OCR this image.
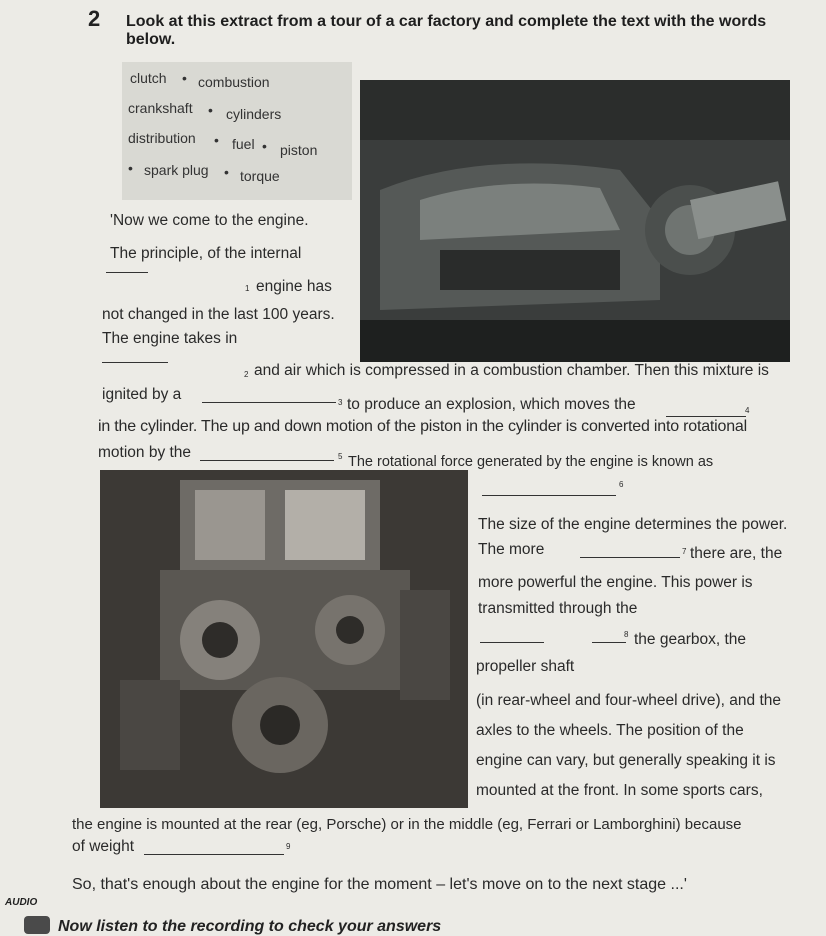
2 Look at this extract from a tour of a car factory and complete the text with the words below.
clutch • combustion
crankshaft • cylinders
distribution • fuel • piston
• spark plug • torque
'Now we come to the engine.
The principle, of the internal
1 engine has
not changed in the last 100 years.
The engine takes in
2 and air which is compressed in a combustion chamber. Then this mixture is
ignited by a	3 to produce an explosion, which moves the	4
in the cylinder. The up and down motion of the piston in the cylinder is converted into rotational
motion by the	5 The rotational force generated by the engine is known as
6
The size of the engine determines the power.
The more	7 there are, the
more powerful the engine. This power is
transmitted through the
8 the gearbox, the
propeller shaft
(in rear-wheel and four-wheel drive), and the
axles to the wheels. The position of the
engine can vary, but generally speaking it is
mounted at the front. In some sports cars,
the engine is mounted at the rear (eg, Porsche) or in the middle (eg, Ferrari or Lamborghini) because
of weight	9
So, that's enough about the engine for the moment – let's move on to the next stage ...'
AUDIO
Now listen to the recording to check your answers
